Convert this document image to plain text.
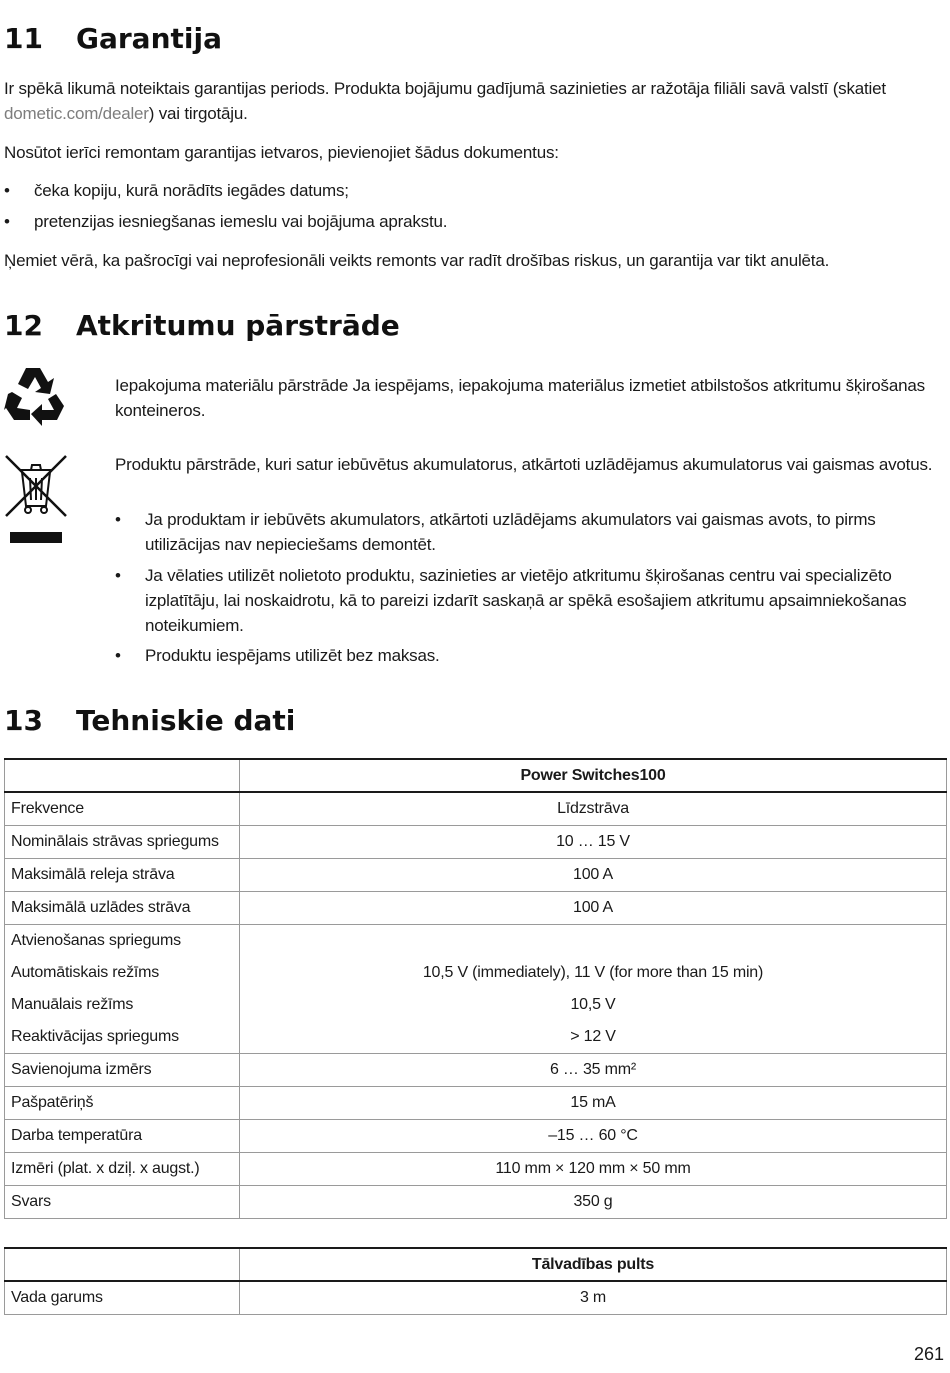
11 Garantija

Ir spēkā likumā noteiktais garantijas periods. Produkta bojājumu gadījumā sazinieties ar ražotāja filiāli savā valstī (skatiet dometic.com/dealer) vai tirgotāju.

Nosūtot ierīci remontam garantijas ietvaros, pievienojiet šādus dokumentus:

• čeka kopiju, kurā norādīts iegādes datums;
• pretenzijas iesniegšanas iemeslu vai bojājuma aprakstu.

Ņemiet vērā, ka pašrocīgi vai neprofesionāli veikts remonts var radīt drošības riskus, un garantija var tikt anulēta.

12 Atkritumu pārstrāde

Iepakojuma materiālu pārstrāde Ja iespējams, iepakojuma materiālus izmetiet atbilstošos atkritumu šķirošanas konteineros.

Produktu pārstrāde, kuri satur iebūvētus akumulatorus, atkārtoti uzlādējamus akumulatorus vai gaismas avotus.

• Ja produktam ir iebūvēts akumulators, atkārtoti uzlādējams akumulators vai gaismas avots, to pirms utilizācijas nav nepieciešams demontēt.
• Ja vēlaties utilizēt nolietoto produktu, sazinieties ar vietējo atkritumu šķirošanas centru vai specializēto izplatītāju, lai noskaidrotu, kā to pareizi izdarīt saskaņā ar spēkā esošajiem atkritumu apsaimniekošanas noteikumiem.
• Produktu iespējams utilizēt bez maksas.
13 Tehniskie dati
	Power Switches100
Frekvence	Līdzstrāva
Nominālais strāvas spriegums	10 … 15 V
Maksimālā releja strāva	100 A
Maksimālā uzlādes strāva	100 A
Atvienošanas spriegums	
Automātiskais režīms	10,5 V (immediately), 11 V (for more than 15 min)
Manuālais režīms	10,5 V
Reaktivācijas spriegums	> 12 V
Savienojuma izmērs	6 … 35 mm²
Pašpatēriņš	15 mA
Darba temperatūra	–15 … 60 °C
Izmēri (plat. x dziļ. x augst.)	110 mm × 120 mm × 50 mm
Svars	350 g
	Tālvadības pults
Vada garums	3 m
261
